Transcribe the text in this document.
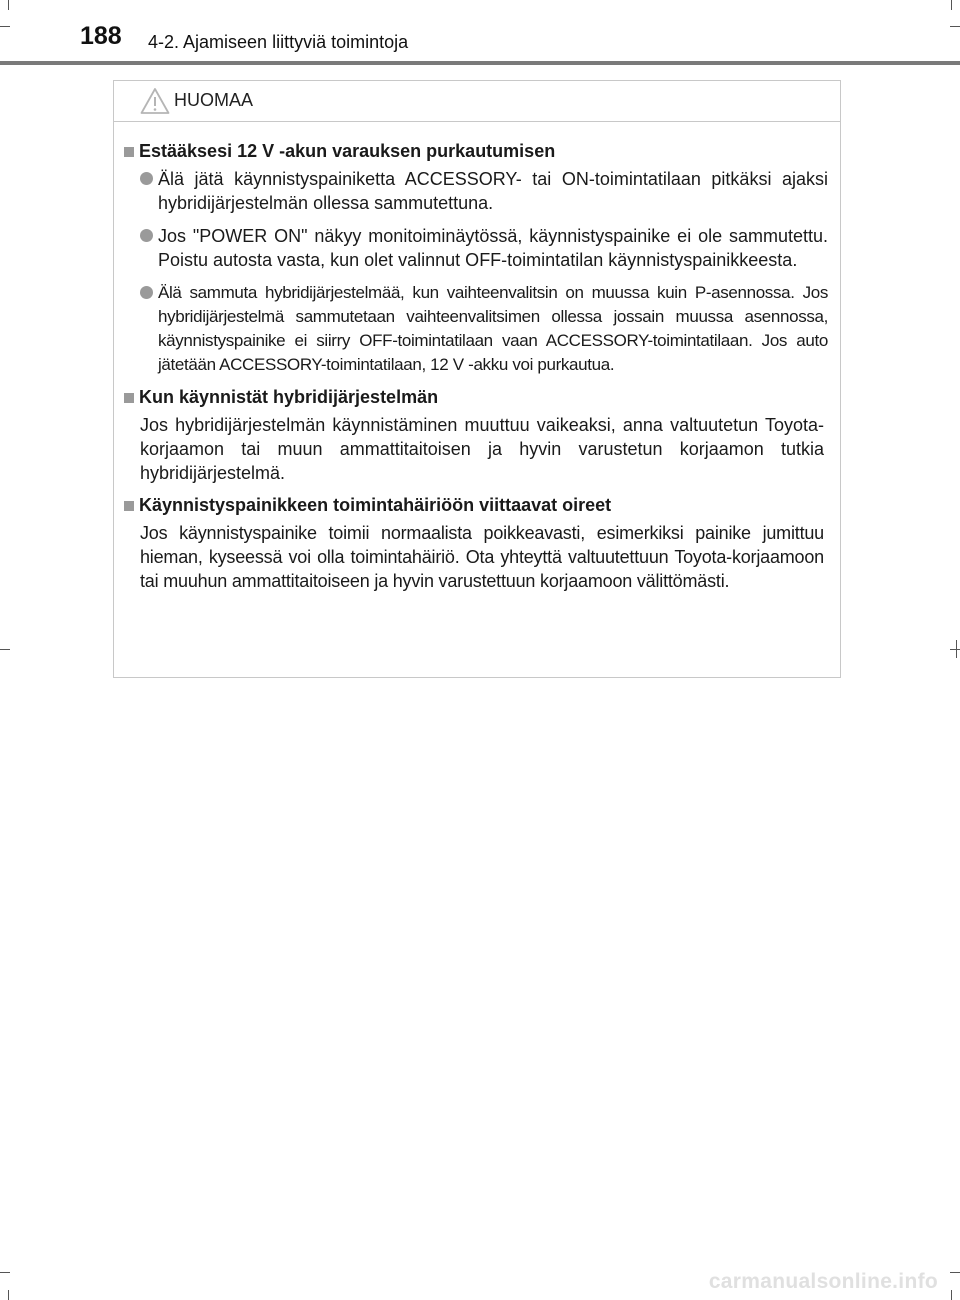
188 4-2. Ajamiseen liittyviä toimintoja
HUOMAA
Estääksesi 12 V -akun varauksen purkautumisen
Älä jätä käynnistyspainiketta ACCESSORY- tai ON-toimintatilaan pitkäksi ajaksi hybridijärjestelmän ollessa sammutettuna.
Jos "POWER ON" näkyy monitoiminäytössä, käynnistyspainike ei ole sammutettu. Poistu autosta vasta, kun olet valinnut OFF-toimintatilan käynnistyspainikkeesta.
Älä sammuta hybridijärjestelmää, kun vaihteenvalitsin on muussa kuin P-asennossa. Jos hybridijärjestelmä sammutetaan vaihteenvalitsimen ollessa jossain muussa asennossa, käynnistyspainike ei siirry OFF-toimintatilaan vaan ACCESSORY-toimintatilaan. Jos auto jätetään ACCESSORY-toimintatilaan, 12 V -akku voi purkautua.
Kun käynnistät hybridijärjestelmän
Jos hybridijärjestelmän käynnistäminen muuttuu vaikeaksi, anna valtuutetun Toyota-korjaamon tai muun ammattitaitoisen ja hyvin varustetun korjaamon tutkia hybridijärjestelmä.
Käynnistyspainikkeen toimintahäiriöön viittaavat oireet
Jos käynnistyspainike toimii normaalista poikkeavasti, esimerkiksi painike jumittuu hieman, kyseessä voi olla toimintahäiriö. Ota yhteyttä valtuutettuun Toyota-korjaamoon tai muuhun ammattitaitoiseen ja hyvin varustettuun korjaamoon välittömästi.
carmanualsonline.info
